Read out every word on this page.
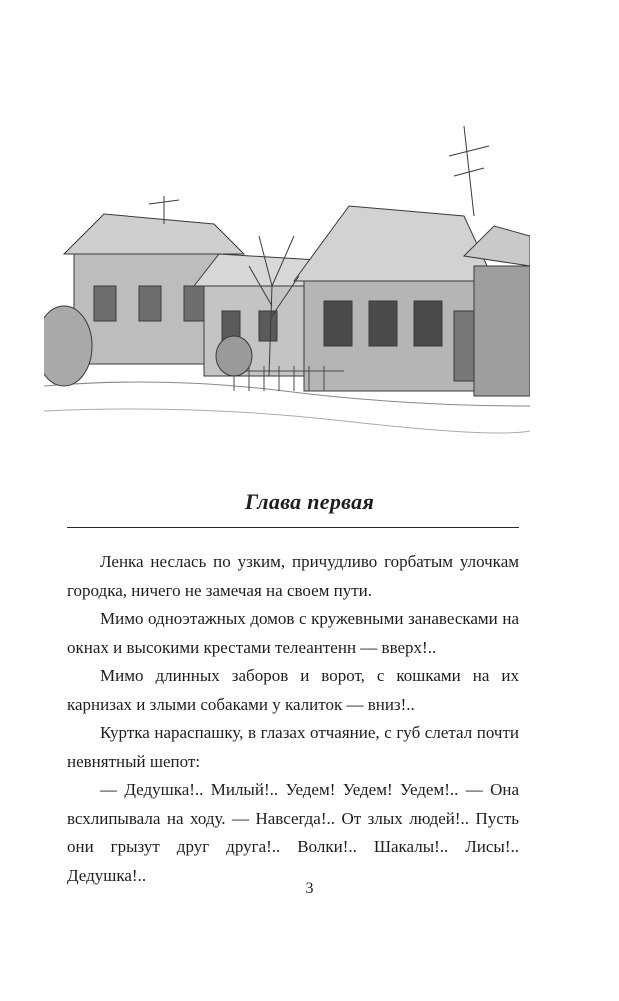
Глава первая

Ленка неслась по узким, причудливо горбатым улочкам городка, ничего не замечая на своем пути.

Мимо одноэтажных домов с кружевными занавесками на окнах и высокими крестами телеантенн — вверх!..

Мимо длинных заборов и ворот, с кошками на их карнизах и злыми собаками у калиток — вниз!..

Куртка нараспашку, в глазах отчаяние, с губ слетал почти невнятный шепот:

— Дедушка!.. Милый!.. Уедем! Уедем! Уедем!.. — Она всхлипывала на ходу. — Навсегда!.. От злых людей!.. Пусть они грызут друг друга!.. Волки!.. Шакалы!.. Лисы!.. Дедушка!..

3
